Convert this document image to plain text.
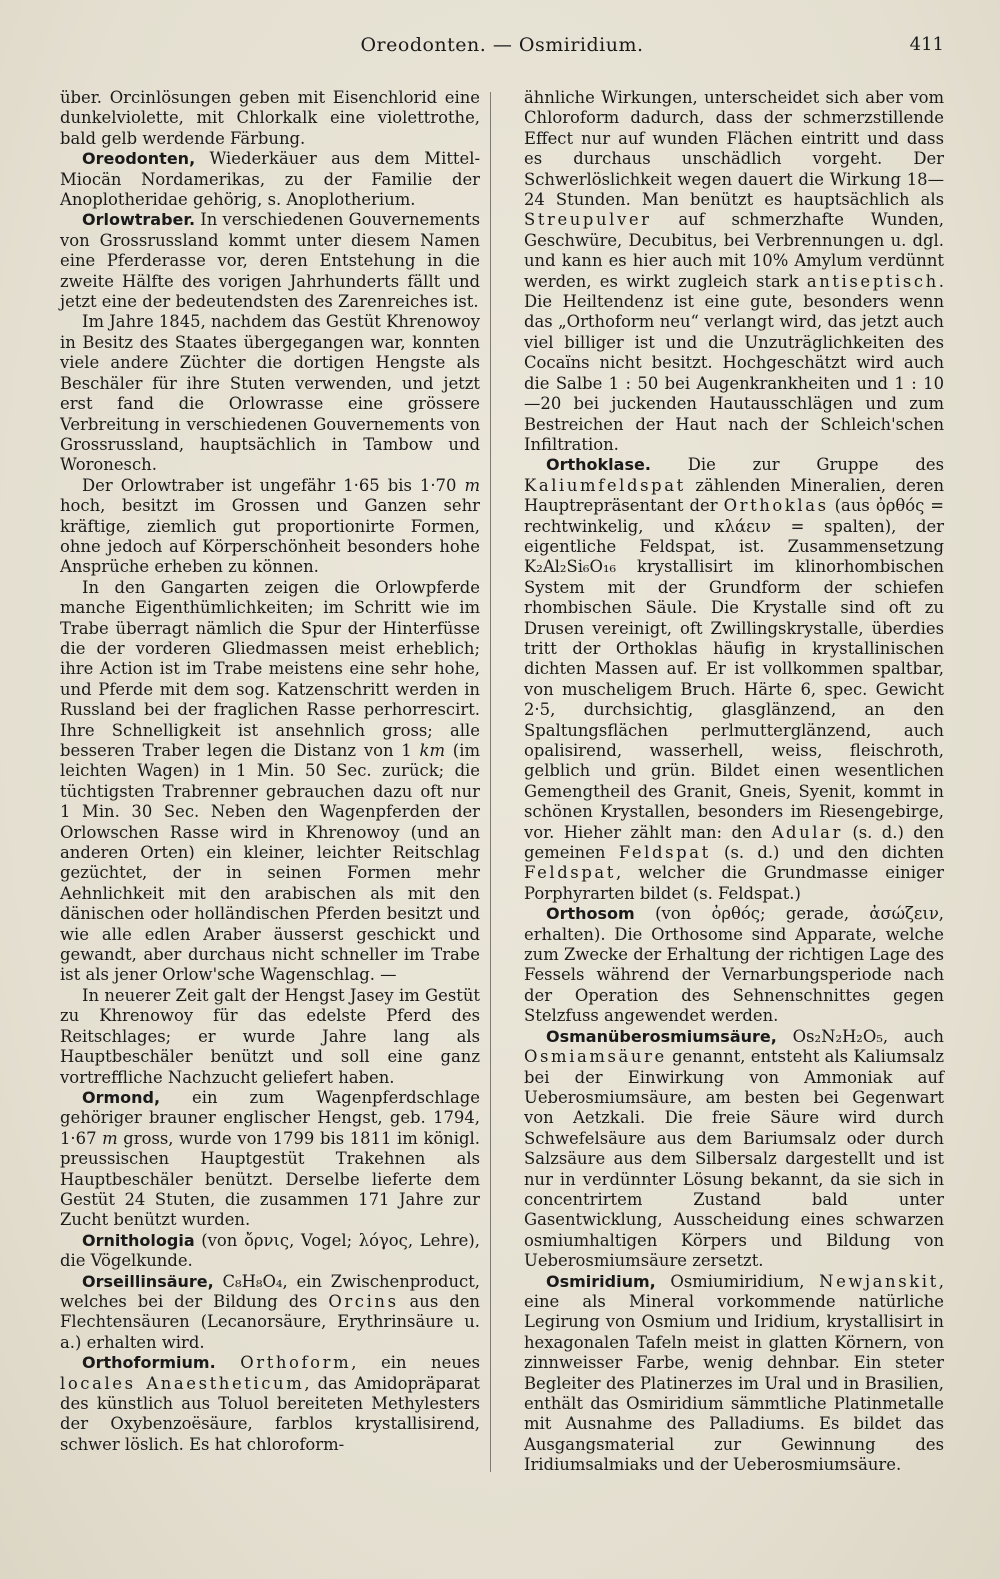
Oreodonten. — Osmiridium.	411

über. Orcinlösungen geben mit Eisenchlorid eine dunkelviolette, mit Chlorkalk eine violettrothe, bald gelb werdende Färbung.

Oreodonten, Wiederkäuer aus dem Mittel-Miocän Nordamerikas, zu der Familie der Anoplotheridae gehörig, s. Anoplotherium.

Orlowtraber. In verschiedenen Gouvernements von Grossrussland kommt unter diesem Namen eine Pferderasse vor, deren Entstehung in die zweite Hälfte des vorigen Jahrhunderts fällt und jetzt eine der bedeutendsten des Zarenreiches ist.

Im Jahre 1845, nachdem das Gestüt Khrenowoy in Besitz des Staates übergegangen war, konnten viele andere Züchter die dortigen Hengste als Beschäler für ihre Stuten verwenden, und jetzt erst fand die Orlowrasse eine grössere Verbreitung in verschiedenen Gouvernements von Grossrussland, hauptsächlich in Tambow und Woronesch.

Der Orlowtraber ist ungefähr 1·65 bis 1·70 m hoch, besitzt im Grossen und Ganzen sehr kräftige, ziemlich gut proportionirte Formen, ohne jedoch auf Körperschönheit besonders hohe Ansprüche erheben zu können.

In den Gangarten zeigen die Orlowpferde manche Eigenthümlichkeiten; im Schritt wie im Trabe überragt nämlich die Spur der Hinterfüsse die der vorderen Gliedmassen meist erheblich; ihre Action ist im Trabe meistens eine sehr hohe, und Pferde mit dem sog. Katzenschritt werden in Russland bei der fraglichen Rasse perhorrescirt. Ihre Schnelligkeit ist ansehnlich gross; alle besseren Traber legen die Distanz von 1 km (im leichten Wagen) in 1 Min. 50 Sec. zurück; die tüchtigsten Trabrenner gebrauchen dazu oft nur 1 Min. 30 Sec. Neben den Wagenpferden der Orlowschen Rasse wird in Khrenowoy (und an anderen Orten) ein kleiner, leichter Reitschlag gezüchtet, der in seinen Formen mehr Aehnlichkeit mit den arabischen als mit den dänischen oder holländischen Pferden besitzt und wie alle edlen Araber äusserst geschickt und gewandt, aber durchaus nicht schneller im Trabe ist als jener Orlow'sche Wagenschlag. —

In neuerer Zeit galt der Hengst Jasey im Gestüt zu Khrenowoy für das edelste Pferd des Reitschlages; er wurde Jahre lang als Hauptbeschäler benützt und soll eine ganz vortreffliche Nachzucht geliefert haben.

Ormond, ein zum Wagenpferdschlage gehöriger brauner englischer Hengst, geb. 1794, 1·67 m gross, wurde von 1799 bis 1811 im königl. preussischen Hauptgestüt Trakehnen als Hauptbeschäler benützt. Derselbe lieferte dem Gestüt 24 Stuten, die zusammen 171 Jahre zur Zucht benützt wurden.

Ornithologia (von ὄρνις, Vogel; λόγος, Lehre), die Vögelkunde.

Orseillinsäure, C₈H₈O₄, ein Zwischenproduct, welches bei der Bildung des Orcins aus den Flechtensäuren (Lecanorsäure, Erythrinsäure u. a.) erhalten wird.

Orthoformium. Orthoform, ein neues locales Anaestheticum, das Amidopräparat des künstlich aus Toluol bereiteten Methylesters der Oxybenzoësäure, farblos krystallisirend, schwer löslich. Es hat chloroform-

ähnliche Wirkungen, unterscheidet sich aber vom Chloroform dadurch, dass der schmerzstillende Effect nur auf wunden Flächen eintritt und dass es durchaus unschädlich vorgeht. Der Schwerlöslichkeit wegen dauert die Wirkung 18—24 Stunden. Man benützt es hauptsächlich als Streupulver auf schmerzhafte Wunden, Geschwüre, Decubitus, bei Verbrennungen u. dgl. und kann es hier auch mit 10% Amylum verdünnt werden, es wirkt zugleich stark antiseptisch. Die Heiltendenz ist eine gute, besonders wenn das „Orthoform neu“ verlangt wird, das jetzt auch viel billiger ist und die Unzuträglichkeiten des Cocaïns nicht besitzt. Hochgeschätzt wird auch die Salbe 1 : 50 bei Augenkrankheiten und 1 : 10—20 bei juckenden Hautausschlägen und zum Bestreichen der Haut nach der Schleich'schen Infiltration.

Orthoklase. Die zur Gruppe des Kaliumfeldspat zählenden Mineralien, deren Hauptrepräsentant der Orthoklas (aus ὀρθός = rechtwinkelig, und κλάειν = spalten), der eigentliche Feldspat, ist. Zusammensetzung K₂Al₂Si₆O₁₆ krystallisirt im klinorhombischen System mit der Grundform der schiefen rhombischen Säule. Die Krystalle sind oft zu Drusen vereinigt, oft Zwillingskrystalle, überdies tritt der Orthoklas häufig in krystallinischen dichten Massen auf. Er ist vollkommen spaltbar, von muscheligem Bruch. Härte 6, spec. Gewicht 2·5, durchsichtig, glasglänzend, an den Spaltungsflächen perlmutterglänzend, auch opalisirend, wasserhell, weiss, fleischroth, gelblich und grün. Bildet einen wesentlichen Gemengtheil des Granit, Gneis, Syenit, kommt in schönen Krystallen, besonders im Riesengebirge, vor. Hieher zählt man: den Adular (s. d.) den gemeinen Feldspat (s. d.) und den dichten Feldspat, welcher die Grundmasse einiger Porphyrarten bildet (s. Feldspat.)

Orthosom (von ὀρθός; gerade, ἀσώζειν, erhalten). Die Orthosome sind Apparate, welche zum Zwecke der Erhaltung der richtigen Lage des Fessels während der Vernarbungsperiode nach der Operation des Sehnenschnittes gegen Stelzfuss angewendet werden.

Osmanüberosmiumsäure, Os₂N₂H₂O₅, auch Osmiamsäure genannt, entsteht als Kaliumsalz bei der Einwirkung von Ammoniak auf Ueberosmiumsäure, am besten bei Gegenwart von Aetzkali. Die freie Säure wird durch Schwefelsäure aus dem Bariumsalz oder durch Salzsäure aus dem Silbersalz dargestellt und ist nur in verdünnter Lösung bekannt, da sie sich in concentrirtem Zustand bald unter Gasentwicklung, Ausscheidung eines schwarzen osmiumhaltigen Körpers und Bildung von Ueberosmiumsäure zersetzt.

Osmiridium, Osmiumiridium, Newjanskit, eine als Mineral vorkommende natürliche Legirung von Osmium und Iridium, krystallisirt in hexagonalen Tafeln meist in glatten Körnern, von zinnweisser Farbe, wenig dehnbar. Ein steter Begleiter des Platinerzes im Ural und in Brasilien, enthält das Osmiridium sämmtliche Platinmetalle mit Ausnahme des Palladiums. Es bildet das Ausgangsmaterial zur Gewinnung des Iridiumsalmiaks und der Ueberosmiumsäure.
